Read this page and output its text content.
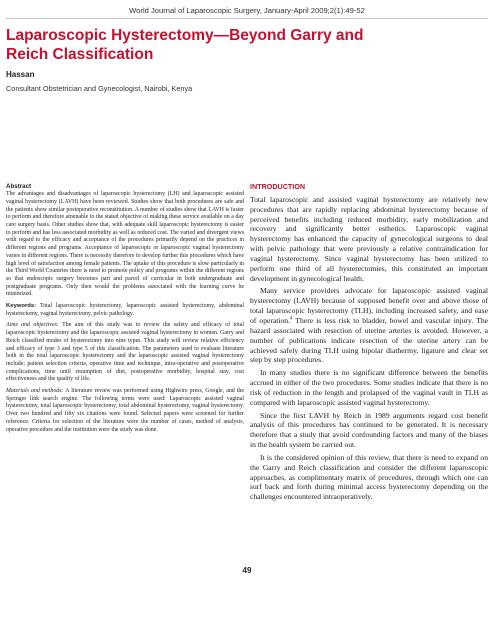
World Journal of Laparoscopic Surgery, January-April 2009;2(1):49-52
Laparoscopic Hysterectomy—Beyond Garry and Reich Classification
Hassan
Consultant Obstetrician and Gynecologist, Nairobi, Kenya
Abstract

The advantages and disadvantages of laparoscopic hysterectomy (LH) and laparoscopic assisted vaginal hysterectomy (LAVH) have been reviewed. Studies show that both procedures are safe and the patients show similar postoperative reconstitution. A number of studies show that LAVH is faster to perform and therefore amenable to the stated objective of making these service available on a day care surgery basis. Other studies show that, with adequate skill laparoscopic hysterectomy is easier to perform and has less associated morbidity as well as reduced cost. The varied and divergent views with regard to the efficacy and acceptance of the procedures primarily depend on the practices in different regions and programs. Acceptance of laparoscopic or laparoscopic vaginal hysterectomy varies in different regions. There is necessity therefore to develop further this procedures which have high level of satisfaction among female patients. The uptake of this procedure is slow particularly in the Third World Countries there is need to promote policy and programs within the different regions so that endoscopic surgery becomes part and parcel of curricular in both undergraduate and postgraduate programs. Only then would the problems associated with the learning curve be minimized.

Keywords: Total laparoscopic hysterectomy, laparoscopic assisted hysterectomy, abdominal hysterectomy, vaginal hysterectomy, pelvic pathology.

Aims and objectives: The aim of this study was to review the safety and efficacy of total laparoscopic hysterectomy and the laparoscopic assisted vaginal hysterectomy in women. Garry and Reich classified modes of hysterectomy into nine types. This study will review relative efficiency and efficacy of type 3 and type 5 of this classification. The parameters used to evaluate literature both in the total laparoscopic hysterectomy and the laparoscopic assisted vaginal hysterectomy include; patient selection criteria, operative time and technique, intra-operative and postoperative complications, time until resumption of diet, postoperative morbidity, hospital stay, cost effectiveness and the quality of life.

Materials and methods: A literature review was performed using Highwire press, Google, and the Springer link search engine. The following terms were used: Laparoscopic assisted vaginal hysterectomy, total laparoscopic hysterectomy, total abdominal hysterectomy, vaginal hysterectomy. Over two hundred and fifty six citations were found. Selected papers were screened for further reference. Criteria for selection of the literature were the number of cases, method of analysis, operative procedure and the institution were the study was done.

INTRODUCTION

Total laparoscopic and assisted vaginal hysterectomy are relatively new procedures that are rapidly replacing abdominal hysterectomy because of perceived benefits including reduced morbidity, early mobilization and recovery and significantly better esthetics. Laparoscopic vaginal hysterectomy has enhanced the capacity of gynecological surgeons to deal with pelvic pathology that were previously a relative contraindication for vaginal hysterectomy. Since vaginal hysterectomy has been utilized to perform one third of all hysterectomies, this constituted an important development in gynecological health.

Many service providers advocate for laparoscopic assisted vaginal hysterectomy (LAVH) because of supposed benefit over and above those of total laparoscopic hysterectomy (TLH), including increased safety, and ease of operation.$^4$ There is less risk to bladder, bowel and vascular injury. The hazard associated with resection of uterine arteries is avoided. However, a number of publications indicate resection of the uterine artery can be achieved safely during TLH using bipolar diathermy, ligature and clear set step by step procedures.

In many studies there is no significant difference between the benefits accrued in either of the two procedures. Some studies indicate that there is no risk of reduction in the length and prolapsed of the vaginal vault in TLH as compared with laparoscopic assisted vaginal hysterectomy.

Since the first LAVH by Reich in 1989 arguments regard cost benefit analysis of this procedures has continued to be generated. It is necessary therefore that a study that avoid confounding factors and many of the biases in the health system be carried out.

It is the considered opinion of this review, that there is need to expand on the Garry and Reich classification and consider the different laparoscopic approaches, as complimentary matrix of procedures, through which one can surf back and forth during minimal access hysterectomy depending on the challenges encountered intraoperatively.

49
